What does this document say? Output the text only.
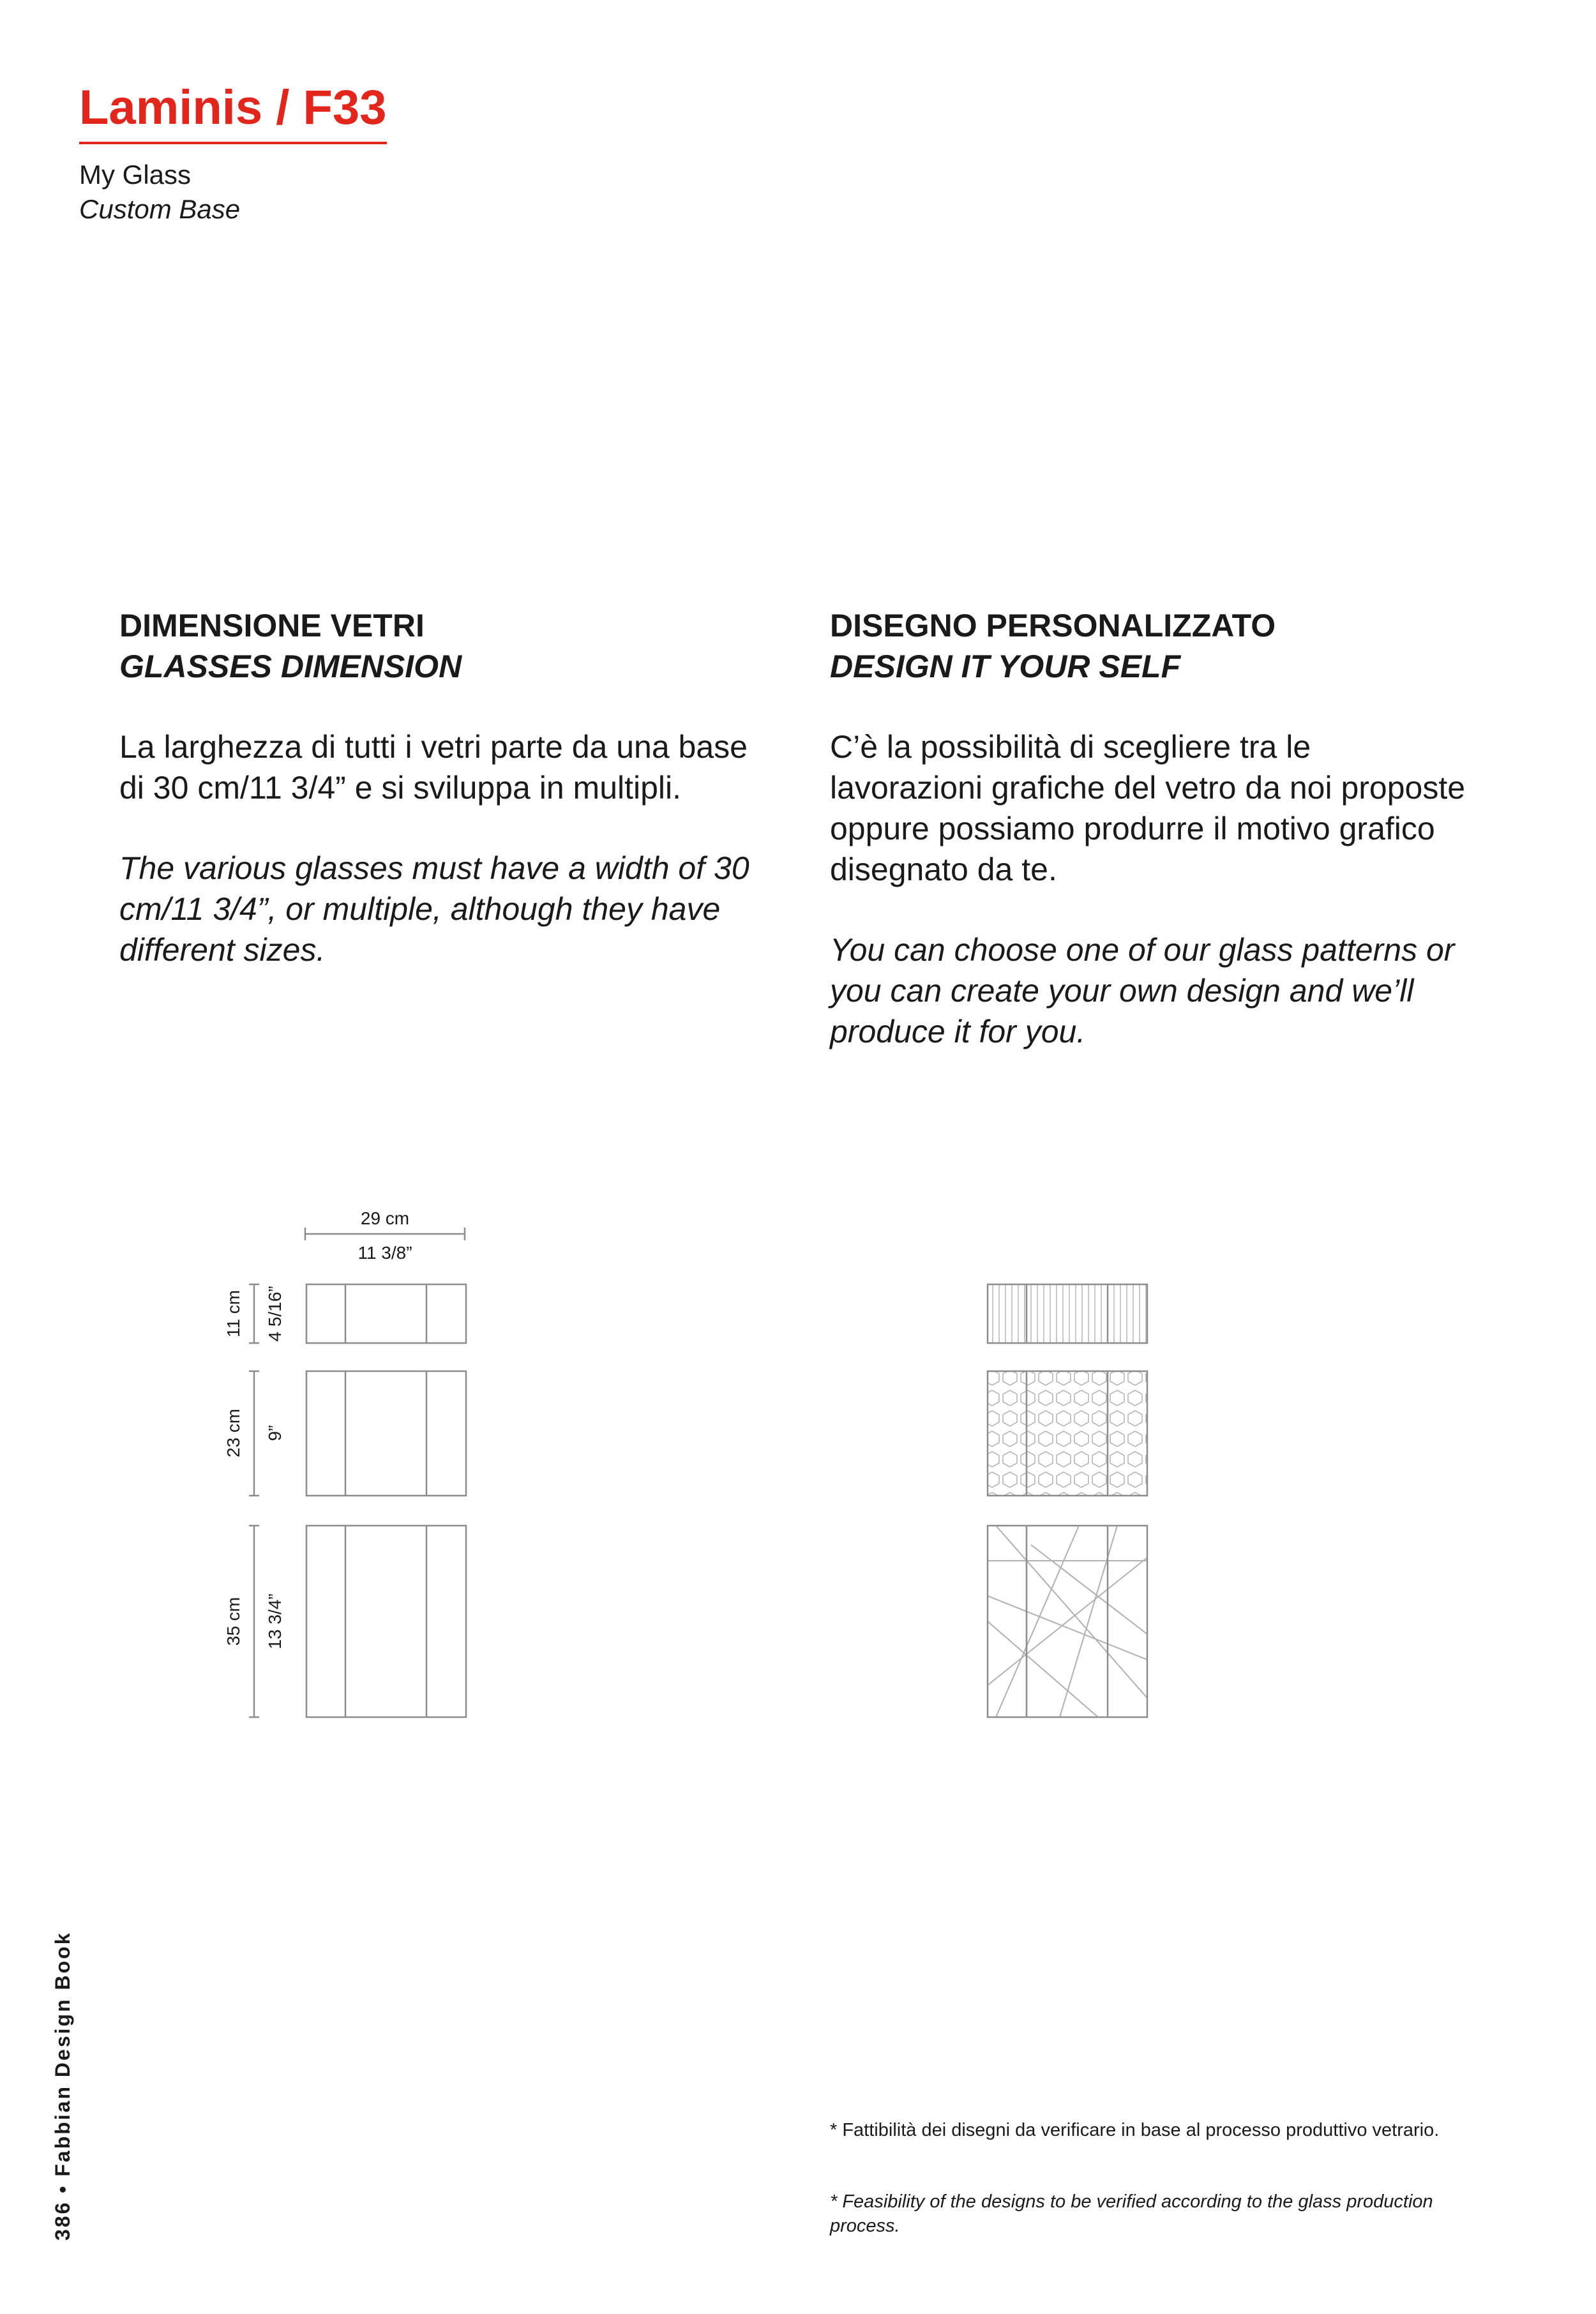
Laminis / F33
My Glass
Custom Base
DIMENSIONE VETRI
GLASSES DIMENSION
La larghezza di tutti i vetri parte da una base di 30 cm/11 3/4” e si sviluppa in multipli.
The various glasses must have a width of 30 cm/11 3/4”, or multiple, although they have different sizes.
DISEGNO PERSONALIZZATO
DESIGN IT YOUR SELF
C’è la possibilità di scegliere tra le lavorazioni grafiche del vetro da noi proposte oppure possiamo produrre il motivo grafico disegnato da te.
You can choose one of our glass patterns or you can create your own design and we’ll produce it for you.
29 cm
11 3/8”
11 cm 4 5/16”
23 cm 9”
35 cm 13 3/4”
* Fattibilità dei disegni da verificare in base al processo produttivo vetrario.
* Feasibility of the designs to be verified according to the glass production process.
386 • Fabbian Design Book
